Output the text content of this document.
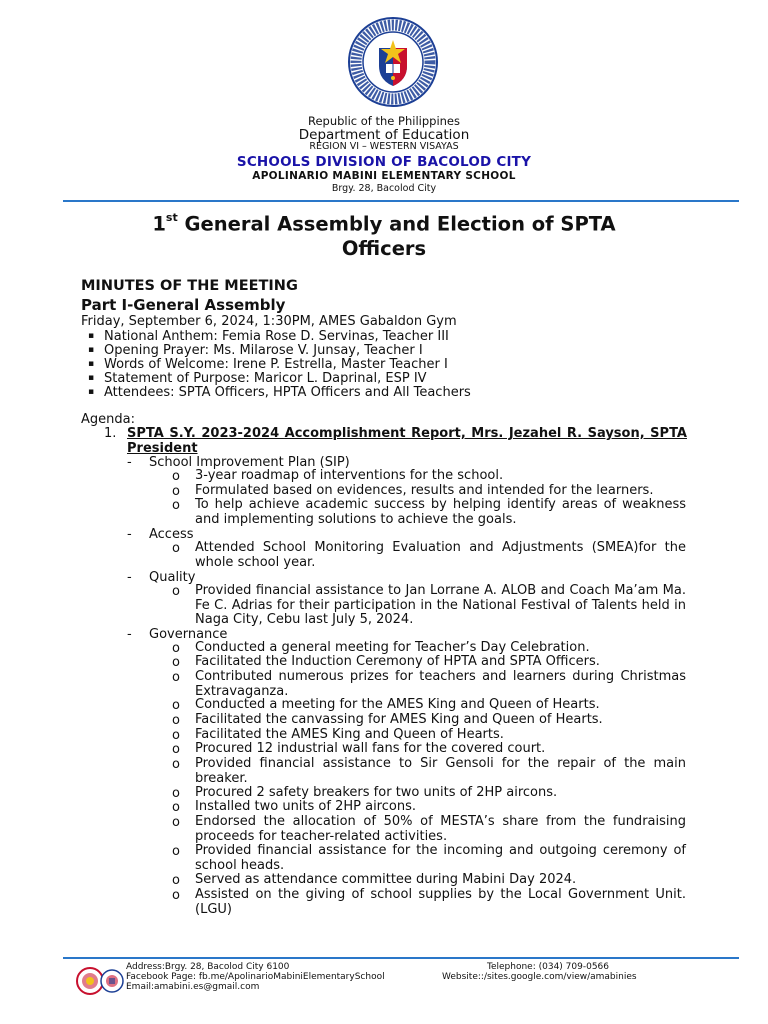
Republic of the Philippines
Department of Education
REGION VI – WESTERN VISAYAS
SCHOOLS DIVISION OF BACOLOD CITY
APOLINARIO MABINI ELEMENTARY SCHOOL
Brgy. 28, Bacolod City
1st General Assembly and Election of SPTA
Officers
MINUTES OF THE MEETING
Part I-General Assembly
Friday, September 6, 2024, 1:30PM, AMES Gabaldon Gym
▪ National Anthem: Femia Rose D. Servinas, Teacher III
▪ Opening Prayer: Ms. Milarose V. Junsay, Teacher I
▪ Words of Welcome: Irene P. Estrella, Master Teacher I
▪ Statement of Purpose: Maricor L. Daprinal, ESP IV
▪ Attendees: SPTA Officers, HPTA Officers and All Teachers
Agenda:
1. SPTA S.Y. 2023-2024 Accomplishment Report, Mrs. Jezahel R. Sayson, SPTA President
- School Improvement Plan (SIP)
o 3-year roadmap of interventions for the school.
o Formulated based on evidences, results and intended for the learners.
o To help achieve academic success by helping identify areas of weakness and implementing solutions to achieve the goals.
- Access
o Attended School Monitoring Evaluation and Adjustments (SMEA)for the whole school year.
- Quality
o Provided financial assistance to Jan Lorrane A. ALOB and Coach Ma’am Ma. Fe C. Adrias for their participation in the National Festival of Talents held in Naga City, Cebu last July 5, 2024.
- Governance
o Conducted a general meeting for Teacher’s Day Celebration.
o Facilitated the Induction Ceremony of HPTA and SPTA Officers.
o Contributed numerous prizes for teachers and learners during Christmas Extravaganza.
o Conducted a meeting for the AMES King and Queen of Hearts.
o Facilitated the canvassing for AMES King and Queen of Hearts.
o Facilitated the AMES King and Queen of Hearts.
o Procured 12 industrial wall fans for the covered court.
o Provided financial assistance to Sir Gensoli for the repair of the main breaker.
o Procured 2 safety breakers for two units of 2HP aircons.
o Installed two units of 2HP aircons.
o Endorsed the allocation of 50% of MESTA’s share from the fundraising proceeds for teacher-related activities.
o Provided financial assistance for the incoming and outgoing ceremony of school heads.
o Served as attendance committee during Mabini Day 2024.
o Assisted on the giving of school supplies by the Local Government Unit. (LGU)
Address:Brgy. 28, Bacolod City 6100
Facebook Page: fb.me/ApolinarioMabiniElementarySchool
Email:amabini.es@gmail.com
Telephone: (034) 709-0566
Website::/sites.google.com/view/amabinies
